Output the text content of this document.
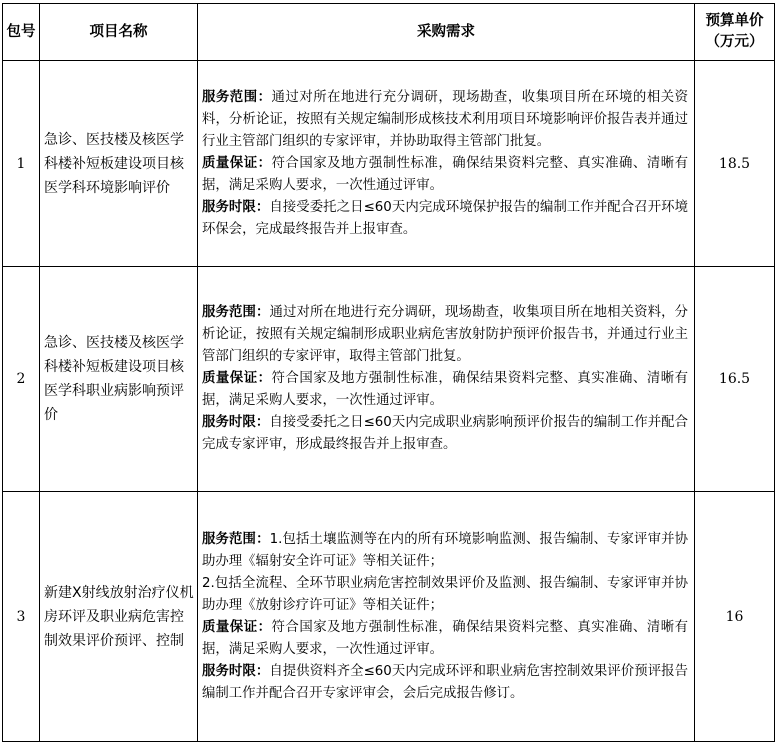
包号	项目名称	采购需求	预算单价
（万元）

1	急诊、医技楼及核医学科楼补短板建设项目核医学科环境影响评价	服务范围：通过对所在地进行充分调研，现场勘查，收集项目所在环境的相关资料，分析论证，按照有关规定编制形成核技术利用项目环境影响评价报告表并通过行业主管部门组织的专家评审，并协助取得主管部门批复。

质量保证：符合国家及地方强制性标准，确保结果资料完整、真实准确、清晰有据，满足采购人要求，一次性通过评审。

服务时限：自接受委托之日≤60天内完成环境保护报告的编制工作并配合召开环境环保会，完成最终报告并上报审查。	18.5
2	急诊、医技楼及核医学科楼补短板建设项目核医学科职业病影响预评价	服务范围：通过对所在地进行充分调研，现场勘查，收集项目所在地相关资料，分析论证，按照有关规定编制形成职业病危害放射防护预评价报告书，并通过行业主管部门组织的专家评审，取得主管部门批复。

质量保证：符合国家及地方强制性标准，确保结果资料完整、真实准确、清晰有据，满足采购人要求，一次性通过评审。

服务时限：自接受委托之日≤60天内完成职业病影响预评价报告的编制工作并配合完成专家评审，形成最终报告并上报审查。	16.5
3	新建X射线放射治疗仪机房环评及职业病危害控制效果评价预评、控制	服务范围：1.包括土壤监测等在内的所有环境影响监测、报告编制、专家评审并协助办理《辐射安全许可证》等相关证件；

2.包括全流程、全环节职业病危害控制效果评价及监测、报告编制、专家评审并协助办理《放射诊疗许可证》等相关证件；

质量保证：符合国家及地方强制性标准，确保结果资料完整、真实准确、清晰有据，满足采购人要求，一次性通过评审。

服务时限：自提供资料齐全≤60天内完成环评和职业病危害控制效果评价预评报告编制工作并配合召开专家评审会，会后完成报告修订。	16
